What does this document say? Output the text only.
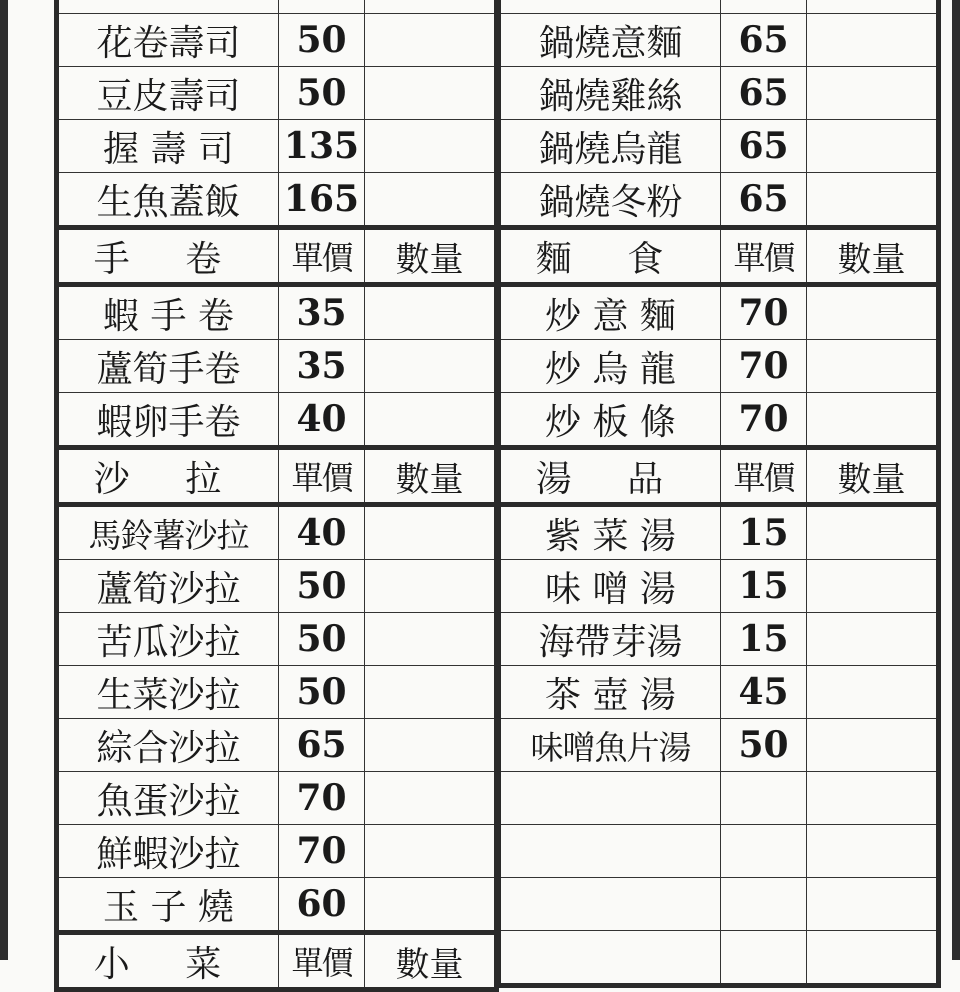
花卷壽司	50	
豆皮壽司	50	
握 壽 司	135	
生魚蓋飯	165	
手 卷	單價	數量
蝦 手 卷	35	
蘆筍手卷	35	
蝦卵手卷	40	
沙 拉	單價	數量
馬鈴薯沙拉	40	
蘆筍沙拉	50	
苦瓜沙拉	50	
生菜沙拉	50	
綜合沙拉	65	
魚蛋沙拉	70	
鮮蝦沙拉	70	
玉 子 燒	60	
小 菜	單價	數量

鍋燒意麵	65	
鍋燒雞絲	65	
鍋燒烏龍	65	
鍋燒冬粉	65	
麵 食	單價	數量
炒 意 麵	70	
炒 烏 龍	70	
炒 板 條	70	
湯 品	單價	數量
紫 菜 湯	15	
味 噌 湯	15	
海帶芽湯	15	
茶 壺 湯	45	
味噌魚片湯	50	
